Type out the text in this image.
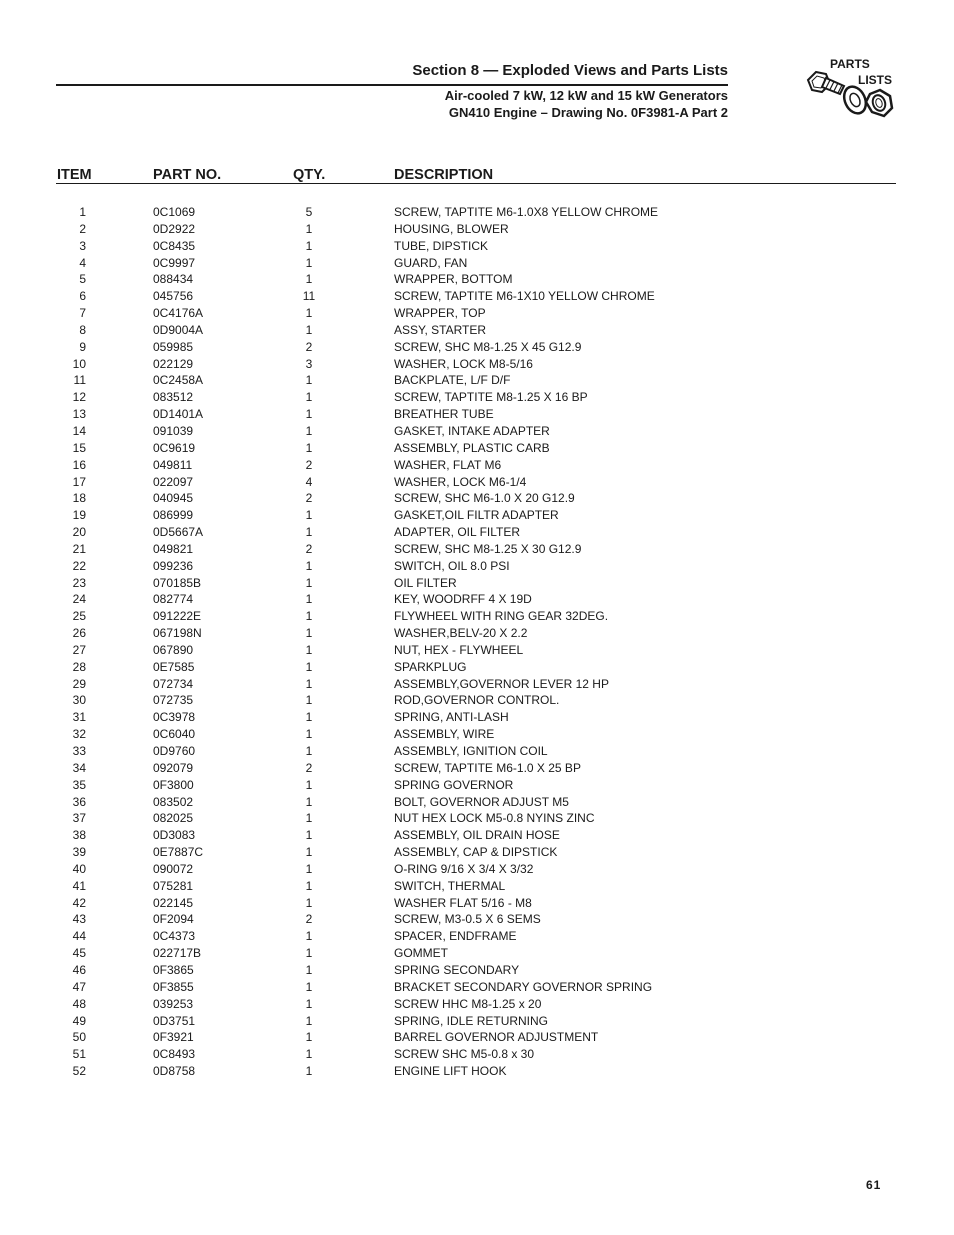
Section 8 — Exploded Views and Parts Lists
Air-cooled 7 kW, 12 kW and 15 kW Generators
GN410 Engine – Drawing No. 0F3981-A Part 2
PARTS
LISTS
ITEM	PART NO.	QTY.	DESCRIPTION
1	0C1069	5	SCREW, TAPTITE M6-1.0X8 YELLOW CHROME
2	0D2922	1	HOUSING, BLOWER
3	0C8435	1	TUBE, DIPSTICK
4	0C9997	1	GUARD, FAN
5	088434	1	WRAPPER, BOTTOM
6	045756	11	SCREW, TAPTITE M6-1X10 YELLOW CHROME
7	0C4176A	1	WRAPPER, TOP
8	0D9004A	1	ASSY, STARTER
9	059985	2	SCREW, SHC M8-1.25 X 45 G12.9
10	022129	3	WASHER, LOCK M8-5/16
11	0C2458A	1	BACKPLATE, L/F D/F
12	083512	1	SCREW, TAPTITE M8-1.25 X 16 BP
13	0D1401A	1	BREATHER TUBE
14	091039	1	GASKET, INTAKE ADAPTER
15	0C9619	1	ASSEMBLY, PLASTIC CARB
16	049811	2	WASHER, FLAT M6
17	022097	4	WASHER, LOCK M6-1/4
18	040945	2	SCREW, SHC M6-1.0 X 20 G12.9
19	086999	1	GASKET,OIL FILTR ADAPTER
20	0D5667A	1	ADAPTER, OIL FILTER
21	049821	2	SCREW, SHC M8-1.25 X 30 G12.9
22	099236	1	SWITCH, OIL 8.0 PSI
23	070185B	1	OIL FILTER
24	082774	1	KEY, WOODRFF 4 X 19D
25	091222E	1	FLYWHEEL WITH RING GEAR 32DEG.
26	067198N	1	WASHER,BELV-20 X 2.2
27	067890	1	NUT, HEX - FLYWHEEL
28	0E7585	1	SPARKPLUG
29	072734	1	ASSEMBLY,GOVERNOR LEVER 12 HP
30	072735	1	ROD,GOVERNOR CONTROL.
31	0C3978	1	SPRING, ANTI-LASH
32	0C6040	1	ASSEMBLY, WIRE
33	0D9760	1	ASSEMBLY, IGNITION COIL
34	092079	2	SCREW, TAPTITE M6-1.0 X 25 BP
35	0F3800	1	SPRING GOVERNOR
36	083502	1	BOLT, GOVERNOR ADJUST M5
37	082025	1	NUT HEX LOCK M5-0.8 NYINS ZINC
38	0D3083	1	ASSEMBLY, OIL DRAIN HOSE
39	0E7887C	1	ASSEMBLY, CAP & DIPSTICK
40	090072	1	O-RING 9/16 X 3/4 X 3/32
41	075281	1	SWITCH, THERMAL
42	022145	1	WASHER FLAT 5/16 - M8
43	0F2094	2	SCREW, M3-0.5 X 6 SEMS
44	0C4373	1	SPACER, ENDFRAME
45	022717B	1	GOMMET
46	0F3865	1	SPRING SECONDARY
47	0F3855	1	BRACKET SECONDARY GOVERNOR SPRING
48	039253	1	SCREW HHC M8-1.25 x 20
49	0D3751	1	SPRING, IDLE RETURNING
50	0F3921	1	BARREL GOVERNOR ADJUSTMENT
51	0C8493	1	SCREW SHC M5-0.8 x 30
52	0D8758	1	ENGINE LIFT HOOK
61
